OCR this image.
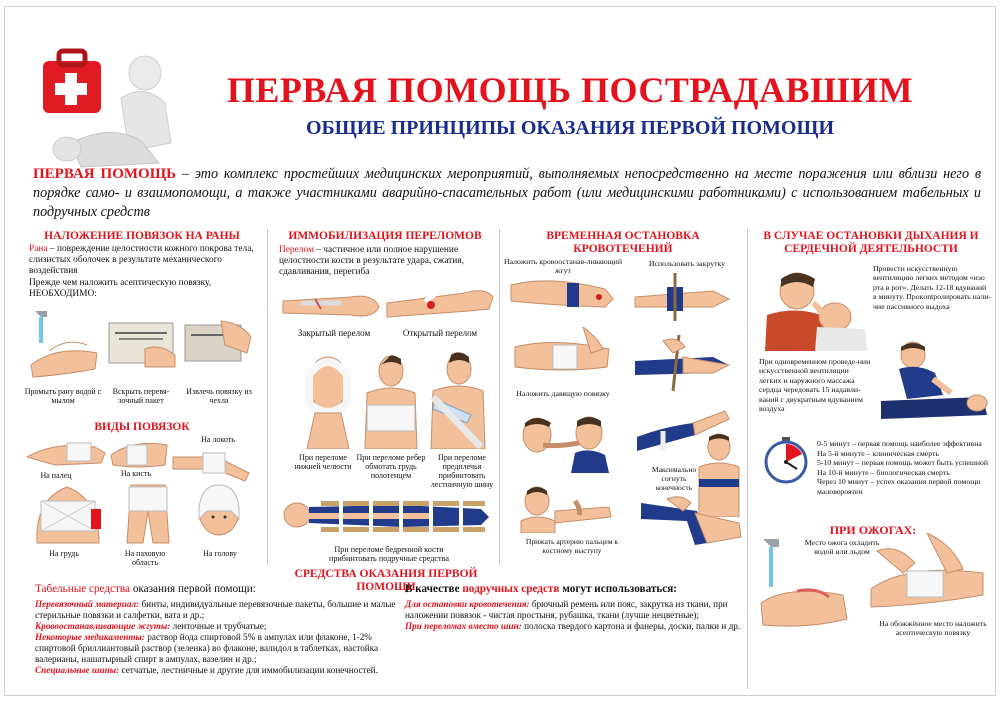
ПЕРВАЯ ПОМОЩЬ ПОСТРАДАВШИМ
ОБЩИЕ ПРИНЦИПЫ ОКАЗАНИЯ ПЕРВОЙ ПОМОЩИ
ПЕРВАЯ ПОМОЩЬ – это комплекс простейших медицинских мероприятий, выполняемых непосредственно на месте поражения или вблизи него в порядке само- и взаимопомощи, а также участниками аварийно-спасательных работ (или медицинскими работниками) с использованием табельных и подручных средств
НАЛОЖЕНИЕ ПОВЯЗОК НА РАНЫ
Рана – повреждение целостности кожного покрова тела, слизистых оболочек в результате механического воздействия
Прежде чем наложить асептическую повязку, НЕОБХОДИМО:
Промыть рану водой с мылом
Вскрыть перевя-зочный пакет
Извлечь повязку из чехла
ВИДЫ ПОВЯЗОК
На палец	На кисть
На локоть
На грудь	На паховую область
На голову
ИММОБИЛИЗАЦИЯ ПЕРЕЛОМОВ
Перелом – частичное или полное нарушение целостности кости в результате удара, сжатия, сдавливания, перегиба
Закрытый перелом	Открытый перелом
При переломе нижней челюсти
При переломе ребер обмотать грудь полотенцем
При переломе предплечья прибинтовать лестничную шину
При переломе бедренной кости прибинтовать подручные средства
ВРЕМЕННАЯ ОСТАНОВКА КРОВОТЕЧЕНИЙ
Наложить кровоостанав-ливающий жгут
Использовать закрутку
Наложить давящую повязку
Максимально согнуть конечность
Прижать артерию пальцем к костному выступу
В СЛУЧАЕ ОСТАНОВКИ ДЫХАНИЯ И СЕРДЕЧНОЙ ДЕЯТЕЛЬНОСТИ
Провести искусственную вентиляцию легких методом «изо рта в рот». Делать 12-18 вдуваний в минуту. Прокontролировать нали-чие пассивного выдоха
При одновременном проведе-нии искусственной вентиляции легких и наружного массажа сердца чередовать 15 надавли-ваний с двукратным вдуванием воздуха
0-5 минут – первая помощь наиболее эффективна
На 5-й минуте – клиническая смерть
5-10 минут – первая помощь может быть успешной
На 10-й минуте – биологическая смерть
Через 10 минут – успех оказания первой помощи маловероятен
ПРИ ОЖОГАХ:
Место ожога охладить водой или льдом
На обожжённое место наложить асептическую повязку
СРЕДСТВА ОКАЗАНИЯ ПЕРВОЙ ПОМОЩИ
Табельные средства оказания первой помощи:
Перевязочный материал: бинты, индивидуальные перевязочные пакеты, большие и малые стерильные повязки и салфетки, вата и др.;
Кровоостанавливающие жгуты: ленточные и трубчатые;
Некоторые медикаменты: раствор йода спиртовой 5% в ампулах или флаконе, 1-2% спиртовой бриллиантовый раствор (зеленка) во флаконе, валидол в таблетках, настойка валерианы, нашатырный спирт в ампулах, вазелин и др.;
Специальные шины: сетчатые, лестничные и другие для иммобилизации конечностей.
В качестве подручных средств могут использоваться:
Для остановки кровотечения: брючный ремень или пояс, закрутка из ткани, при наложении повязок - чистая простыня, рубашка, ткани (лучше нецветные);
При переломах вместо шин: полоска твердого картона и фанеры, доски, палки и др.
